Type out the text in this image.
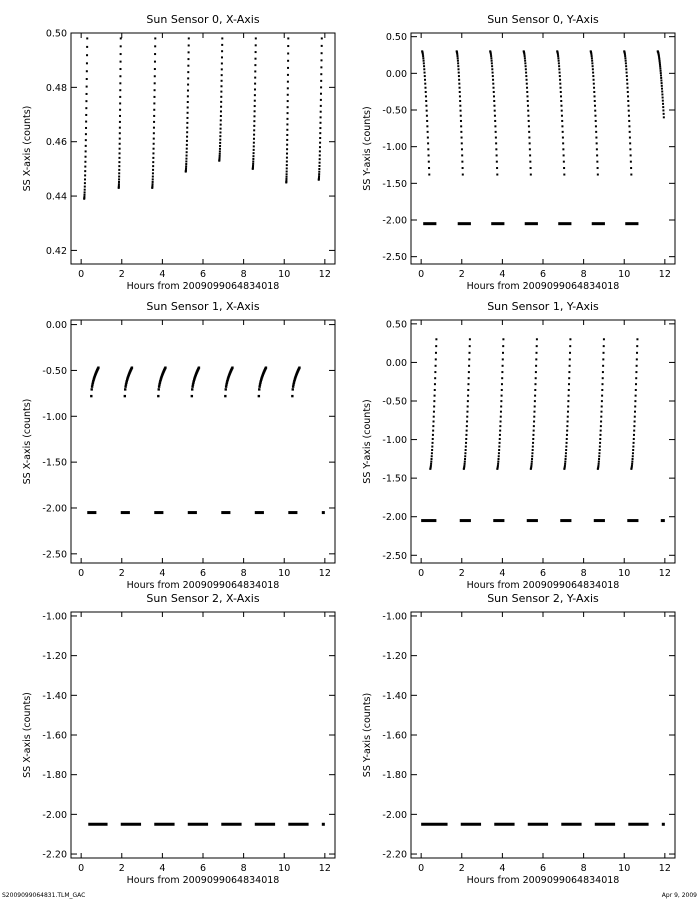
Sun Sensor 0, X-Axis
0	2	4	6	8	10	12
0.42
0.44
0.46
0.48
0.50
Hours from 2009099064834018
SS X-axis (counts)
Sun Sensor 0, Y-Axis
0	2	4	6	8	10	12
-2.50
-2.00
-1.50
-1.00
-0.50
0.00
0.50
Hours from 2009099064834018
SS Y-axis (counts)
Sun Sensor 1, X-Axis
0	2	4	6	8	10	12
-2.50
-2.00
-1.50
-1.00
-0.50
0.00
Hours from 2009099064834018
SS X-axis (counts)
Sun Sensor 1, Y-Axis
0	2	4	6	8	10	12
-2.50
-2.00
-1.50
-1.00
-0.50
0.00
0.50
Hours from 2009099064834018
SS Y-axis (counts)
Sun Sensor 2, X-Axis
0	2	4	6	8	10	12
-2.20
-2.00
-1.80
-1.60
-1.40
-1.20
-1.00
Hours from 2009099064834018
SS X-axis (counts)
Sun Sensor 2, Y-Axis
0	2	4	6	8	10	12
-2.20
-2.00
-1.80
-1.60
-1.40
-1.20
-1.00
Hours from 2009099064834018
SS Y-axis (counts)
S2009099064831.TLM_GAC	Apr 9, 2009
